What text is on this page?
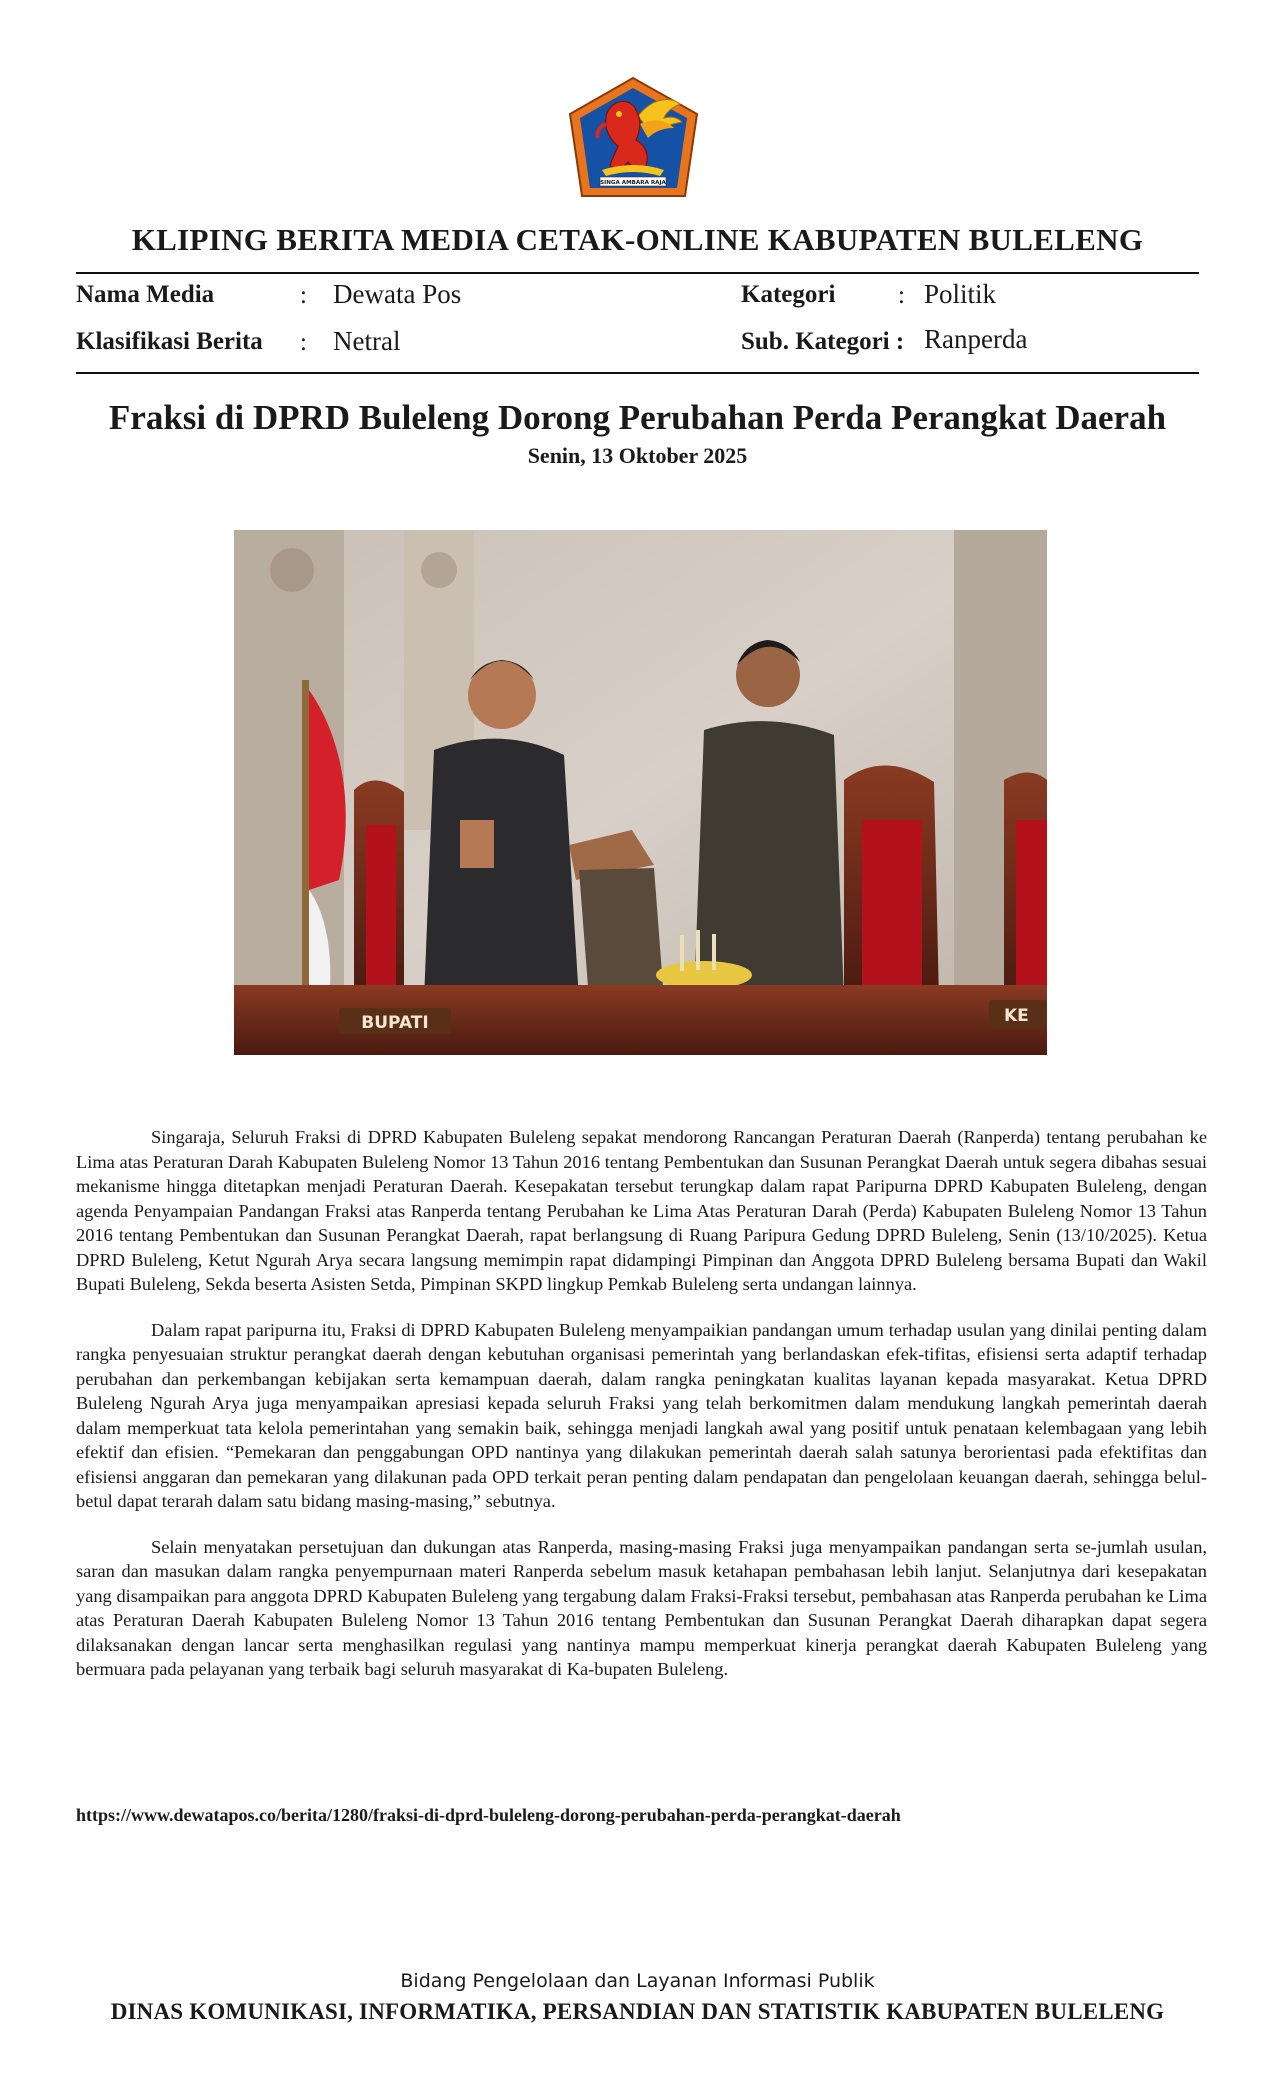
SINGA AMBARA RAJA
KLIPING BERITA MEDIA CETAK-ONLINE KABUPATEN BULELENG
Nama Media	: Dewata Pos
Klasifikasi Berita : Netral
Kategori	: Politik
Sub. Kategori : Ranperda
Fraksi di DPRD Buleleng Dorong Perubahan Perda Perangkat Daerah
Senin, 13 Oktober 2025
BUPATI	KE

Singaraja, Seluruh Fraksi di DPRD Kabupaten Buleleng sepakat mendorong Rancangan Peraturan Daerah (Ranperda) tentang perubahan ke Lima atas Peraturan Darah Kabupaten Buleleng Nomor 13 Tahun 2016 tentang Pembentukan dan Susunan Perangkat Daerah untuk segera dibahas sesuai mekanisme hingga ditetapkan menjadi Peraturan Daerah. Kesepakatan tersebut terungkap dalam rapat Paripurna DPRD Kabupaten Buleleng, dengan agenda Penyampaian Pandangan Fraksi atas Ranperda tentang Perubahan ke Lima Atas Peraturan Darah (Perda) Kabupaten Buleleng Nomor 13 Tahun 2016 tentang Pembentukan dan Susunan Perangkat Daerah, rapat berlangsung di Ruang Paripura Gedung DPRD Buleleng, Senin (13/10/2025). Ketua DPRD Buleleng, Ketut Ngurah Arya secara langsung memimpin rapat didampingi Pimpinan dan Anggota DPRD Buleleng bersama Bupati dan Wakil Bupati Buleleng, Sekda beserta Asisten Setda, Pimpinan SKPD lingkup Pemkab Buleleng serta undangan lainnya.

Dalam rapat paripurna itu, Fraksi di DPRD Kabupaten Buleleng menyampaikian pandangan umum terhadap usulan yang dinilai penting dalam rangka penyesuaian struktur perangkat daerah dengan kebutuhan organisasi pemerintah yang berlandaskan efek-tifitas, efisiensi serta adaptif terhadap perubahan dan perkembangan kebijakan serta kemampuan daerah, dalam rangka peningkatan kualitas layanan kepada masyarakat. Ketua DPRD Buleleng Ngurah Arya juga menyampaikan apresiasi kepada seluruh Fraksi yang telah berkomitmen dalam mendukung langkah pemerintah daerah dalam memperkuat tata kelola pemerintahan yang semakin baik, sehingga menjadi langkah awal yang positif untuk penataan kelembagaan yang lebih efektif dan efisien. “Pemekaran dan penggabungan OPD nantinya yang dilakukan pemerintah daerah salah satunya berorientasi pada efektifitas dan efisiensi anggaran dan pemekaran yang dilakunan pada OPD terkait peran penting dalam pendapatan dan pengelolaan keuangan daerah, sehingga belul-betul dapat terarah dalam satu bidang masing-masing,” sebutnya.

Selain menyatakan persetujuan dan dukungan atas Ranperda, masing-masing Fraksi juga menyampaikan pandangan serta se-jumlah usulan, saran dan masukan dalam rangka penyempurnaan materi Ranperda sebelum masuk ketahapan pembahasan lebih lanjut. Selanjutnya dari kesepakatan yang disampaikan para anggota DPRD Kabupaten Buleleng yang tergabung dalam Fraksi-Fraksi tersebut, pembahasan atas Ranperda perubahan ke Lima atas Peraturan Daerah Kabupaten Buleleng Nomor 13 Tahun 2016 tentang Pembentukan dan Susunan Perangkat Daerah diharapkan dapat segera dilaksanakan dengan lancar serta menghasilkan regulasi yang nantinya mampu memperkuat kinerja perangkat daerah Kabupaten Buleleng yang bermuara pada pelayanan yang terbaik bagi seluruh masyarakat di Ka-bupaten Buleleng.

https://www.dewatapos.co/berita/1280/fraksi-di-dprd-buleleng-dorong-perubahan-perda-perangkat-daerah
Bidang Pengelolaan dan Layanan Informasi Publik
DINAS KOMUNIKASI, INFORMATIKA, PERSANDIAN DAN STATISTIK KABUPATEN BULELENG
